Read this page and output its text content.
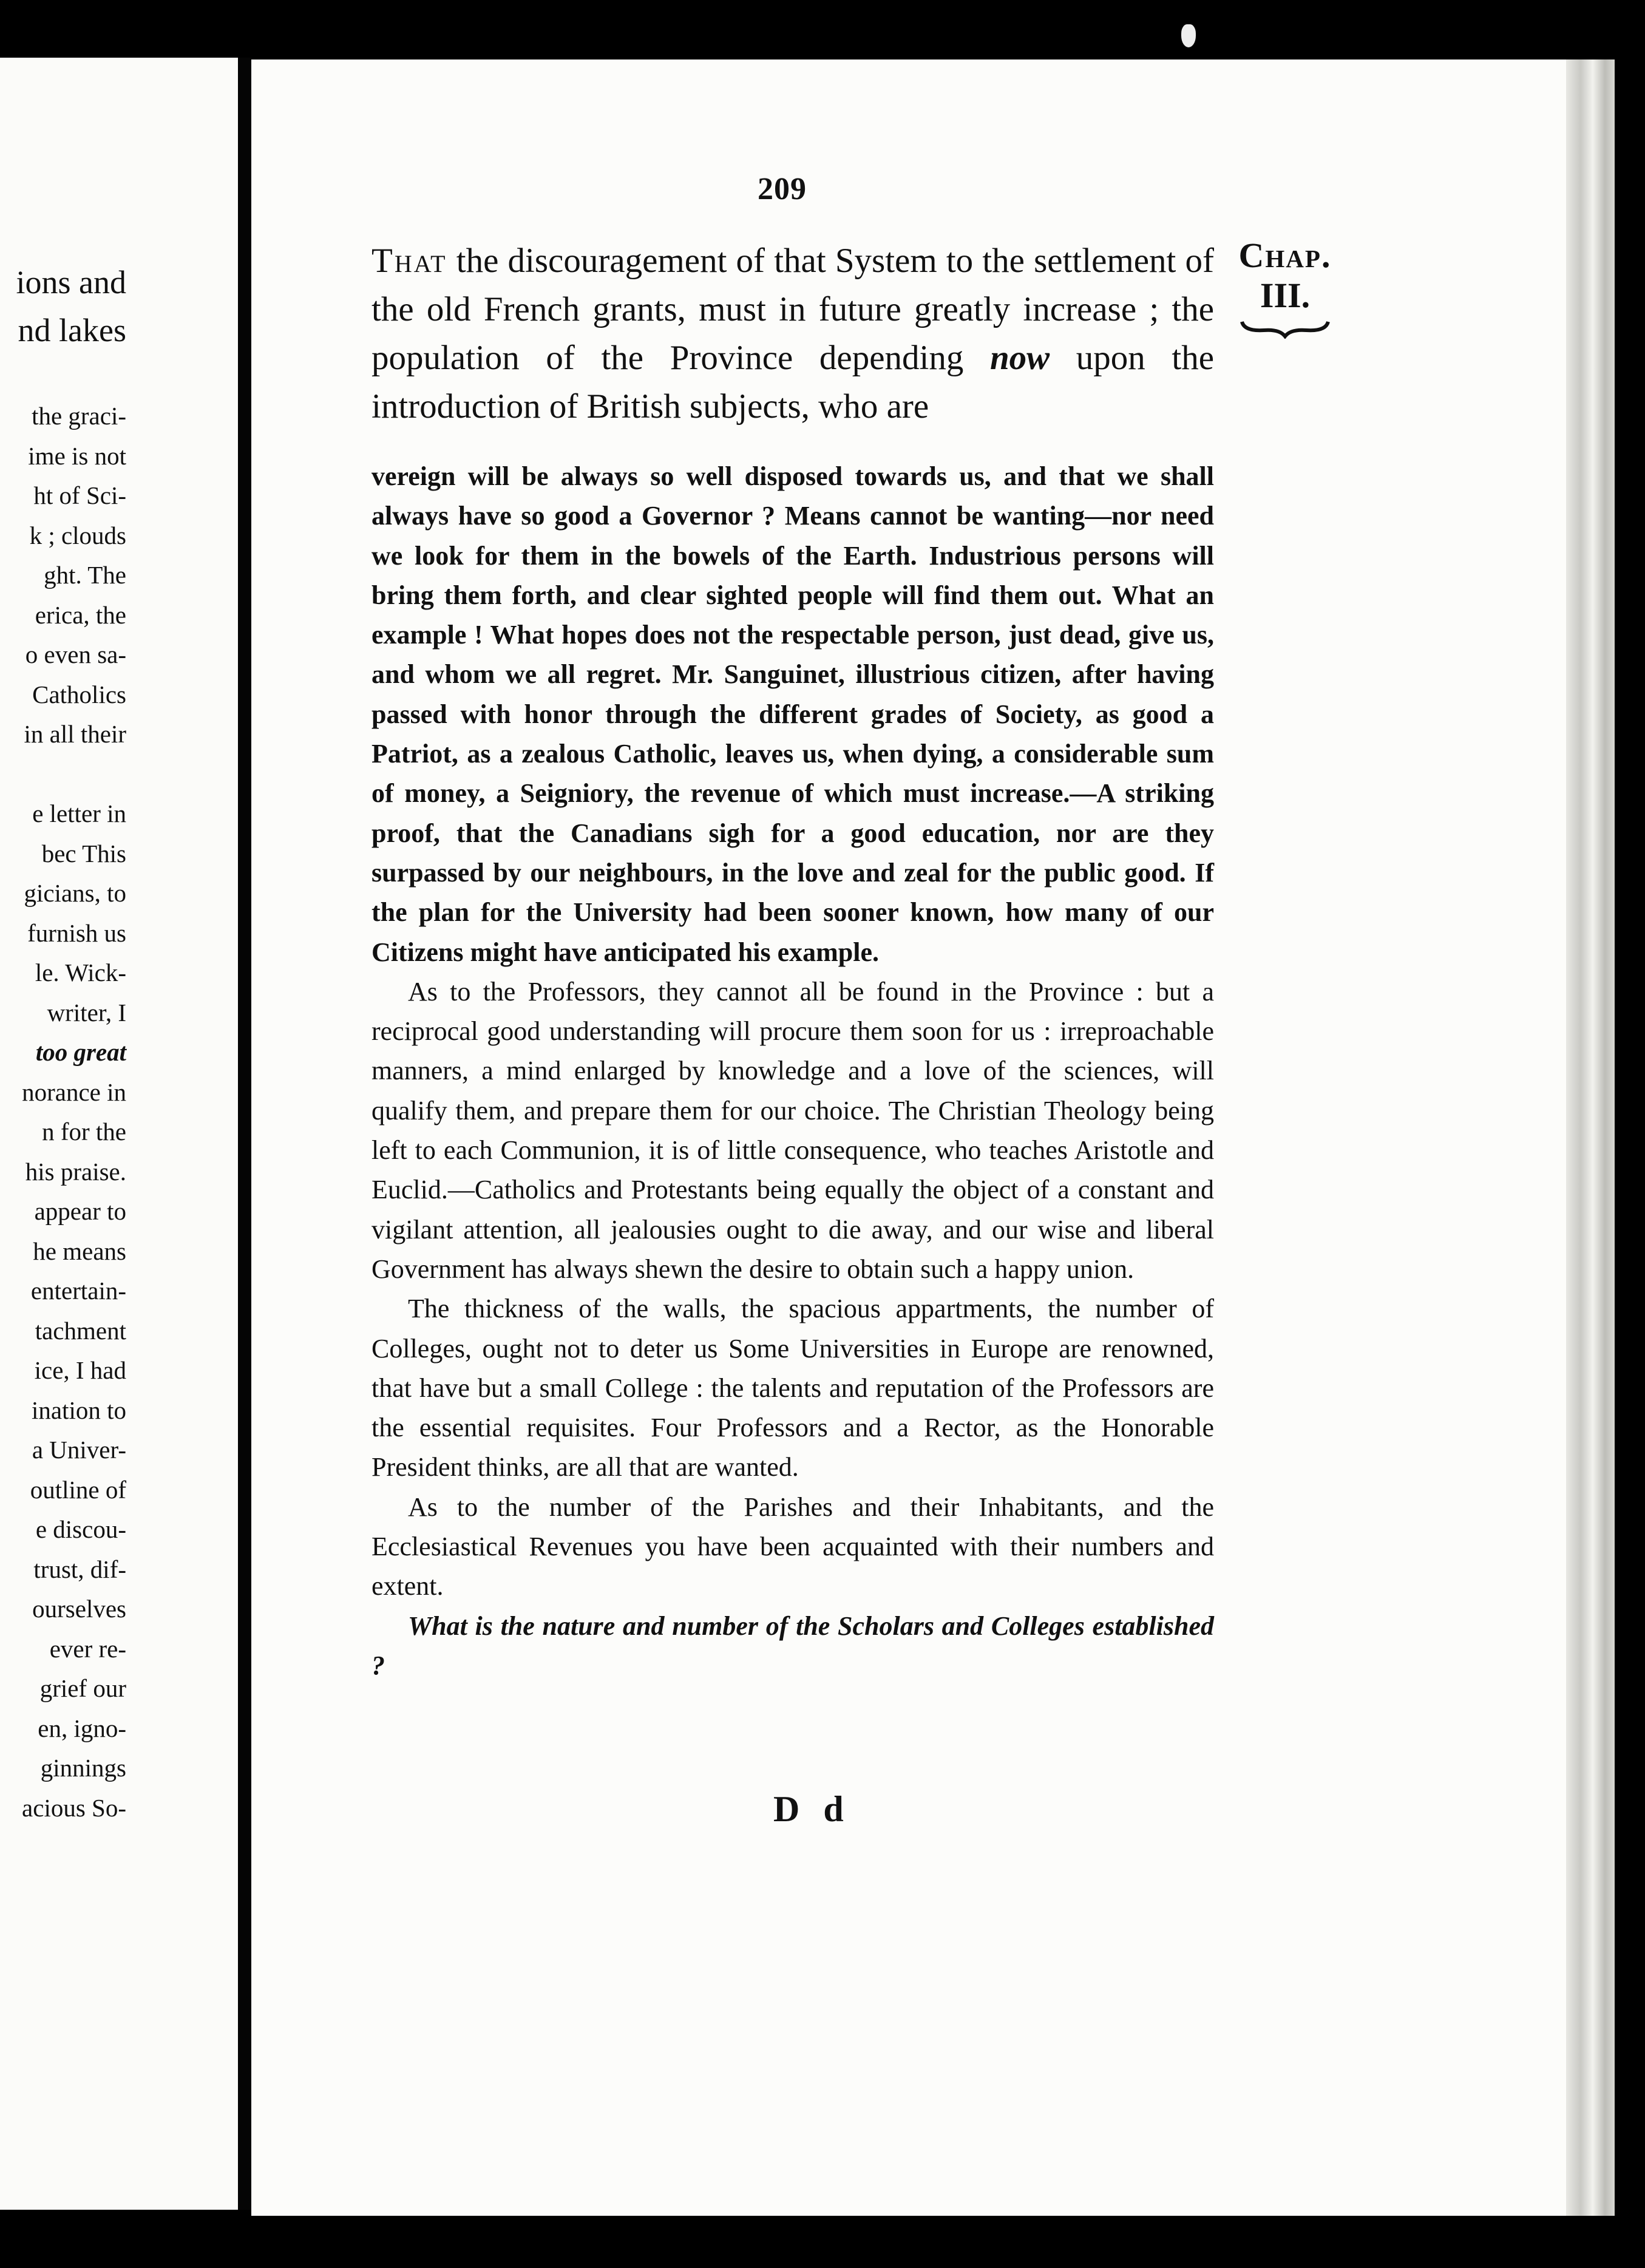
ions and
nd lakes
the graci-
ime is not
ht of Sci-
k ; clouds
ght. The
erica, the
o even sa-
Catholics
in all their
e letter in
bec This
gicians, to
furnish us
le. Wick-
writer, I
too great
norance in
n for the
his praise.
appear to
he means
entertain-
tachment
ice, I had
ination to
a Univer-
outline of
e discou-
trust, dif-
ourselves
ever re-
grief our
en, igno-
ginnings
acious So-
209
Chap.
III.
That the discouragement of that System to the settlement of the old French grants, must in future greatly increase ; the population of the Province depending now upon the introduction of British subjects, who are

vereign will be always so well disposed towards us, and that we shall always have so good a Governor ? Means cannot be wanting—nor need we look for them in the bowels of the Earth. Industrious persons will bring them forth, and clear sighted people will find them out. What an example ! What hopes does not the respectable person, just dead, give us, and whom we all regret. Mr. Sanguinet, illustrious citizen, after having passed with honor through the different grades of Society, as good a Patriot, as a zealous Catholic, leaves us, when dying, a considerable sum of money, a Seigniory, the revenue of which must increase.—A striking proof, that the Canadians sigh for a good education, nor are they surpassed by our neighbours, in the love and zeal for the public good. If the plan for the University had been sooner known, how many of our Citizens might have anticipated his example.

As to the Professors, they cannot all be found in the Province : but a reciprocal good understanding will procure them soon for us : irreproachable manners, a mind enlarged by knowledge and a love of the sciences, will qualify them, and prepare them for our choice. The Christian Theology being left to each Communion, it is of little consequence, who teaches Aristotle and Euclid.—Catholics and Protestants being equally the object of a constant and vigilant attention, all jealousies ought to die away, and our wise and liberal Government has always shewn the desire to obtain such a happy union.

The thickness of the walls, the spacious appartments, the number of Colleges, ought not to deter us Some Universities in Europe are renowned, that have but a small College : the talents and reputation of the Professors are the essential requisites. Four Professors and a Rector, as the Honorable President thinks, are all that are wanted.

As to the number of the Parishes and their Inhabitants, and the Ecclesiastical Revenues you have been acquainted with their numbers and extent.

What is the nature and number of the Scholars and Colleges established ?

D d
